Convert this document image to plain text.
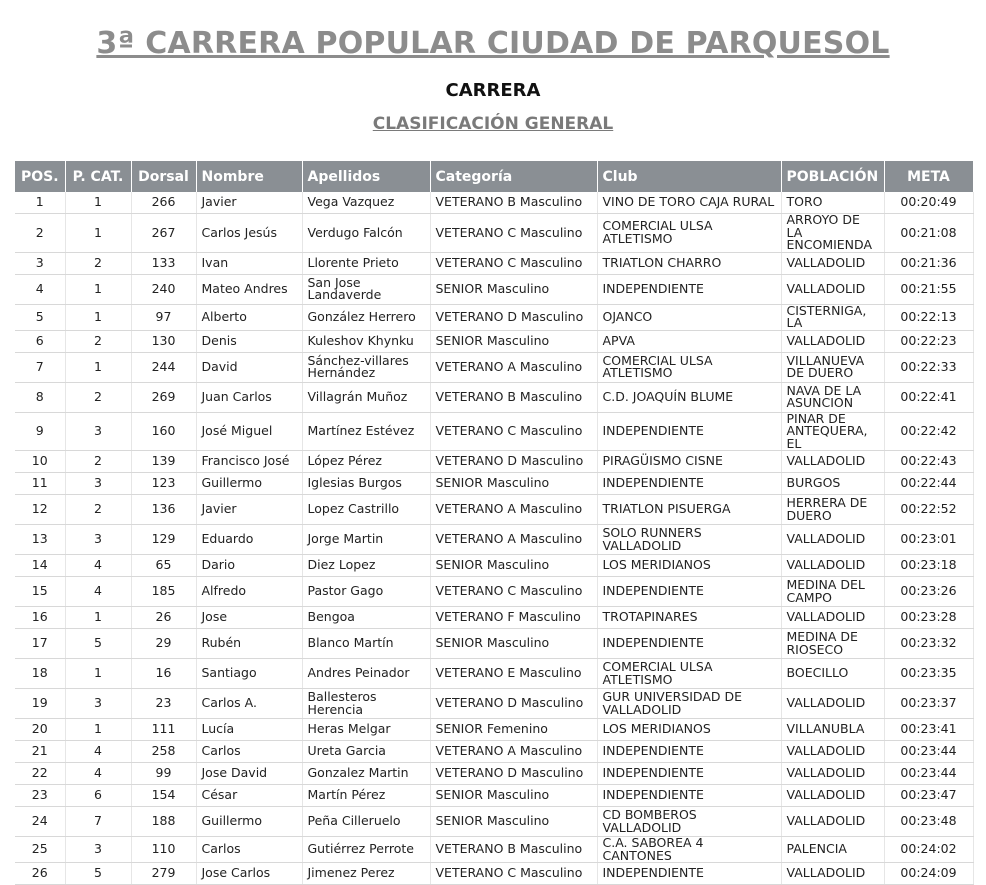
3ª CARRERA POPULAR CIUDAD DE PARQUESOL
CARRERA
CLASIFICACIÓN GENERAL
POS.	P. CAT.	Dorsal	Nombre	Apellidos	Categoría	Club	POBLACIÓN	META
1	1	266	Javier	Vega Vazquez	VETERANO B Masculino	VINO DE TORO CAJA RURAL	TORO	00:20:49
2	1	267	Carlos Jesús	Verdugo Falcón	VETERANO C Masculino	COMERCIAL ULSA ATLETISMO	ARROYO DE LA ENCOMIENDA	00:21:08
3	2	133	Ivan	Llorente Prieto	VETERANO C Masculino	TRIATLON CHARRO	VALLADOLID	00:21:36
4	1	240	Mateo Andres	San Jose Landaverde	SENIOR Masculino	INDEPENDIENTE	VALLADOLID	00:21:55
5	1	97	Alberto	González Herrero	VETERANO D Masculino	OJANCO	CISTERNIGA, LA	00:22:13
6	2	130	Denis	Kuleshov Khynku	SENIOR Masculino	APVA	VALLADOLID	00:22:23
7	1	244	David	Sánchez-villares Hernández	VETERANO A Masculino	COMERCIAL ULSA ATLETISMO	VILLANUEVA DE DUERO	00:22:33
8	2	269	Juan Carlos	Villagrán Muñoz	VETERANO B Masculino	C.D. JOAQUÍN BLUME	NAVA DE LA ASUNCION	00:22:41
9	3	160	José Miguel	Martínez Estévez	VETERANO C Masculino	INDEPENDIENTE	PINAR DE ANTEQUERA, EL	00:22:42
10	2	139	Francisco José	López Pérez	VETERANO D Masculino	PIRAGÜISMO CISNE	VALLADOLID	00:22:43
11	3	123	Guillermo	Iglesias Burgos	SENIOR Masculino	INDEPENDIENTE	BURGOS	00:22:44
12	2	136	Javier	Lopez Castrillo	VETERANO A Masculino	TRIATLON PISUERGA	HERRERA DE DUERO	00:22:52
13	3	129	Eduardo	Jorge Martin	VETERANO A Masculino	SOLO RUNNERS VALLADOLID	VALLADOLID	00:23:01
14	4	65	Dario	Diez Lopez	SENIOR Masculino	LOS MERIDIANOS	VALLADOLID	00:23:18
15	4	185	Alfredo	Pastor Gago	VETERANO C Masculino	INDEPENDIENTE	MEDINA DEL CAMPO	00:23:26
16	1	26	Jose	Bengoa	VETERANO F Masculino	TROTAPINARES	VALLADOLID	00:23:28
17	5	29	Rubén	Blanco Martín	SENIOR Masculino	INDEPENDIENTE	MEDINA DE RIOSECO	00:23:32
18	1	16	Santiago	Andres Peinador	VETERANO E Masculino	COMERCIAL ULSA ATLETISMO	BOECILLO	00:23:35
19	3	23	Carlos A.	Ballesteros Herencia	VETERANO D Masculino	GUR UNIVERSIDAD DE VALLADOLID	VALLADOLID	00:23:37
20	1	111	Lucía	Heras Melgar	SENIOR Femenino	LOS MERIDIANOS	VILLANUBLA	00:23:41
21	4	258	Carlos	Ureta Garcia	VETERANO A Masculino	INDEPENDIENTE	VALLADOLID	00:23:44
22	4	99	Jose David	Gonzalez Martin	VETERANO D Masculino	INDEPENDIENTE	VALLADOLID	00:23:44
23	6	154	César	Martín Pérez	SENIOR Masculino	INDEPENDIENTE	VALLADOLID	00:23:47
24	7	188	Guillermo	Peña Cilleruelo	SENIOR Masculino	CD BOMBEROS VALLADOLID	VALLADOLID	00:23:48
25	3	110	Carlos	Gutiérrez Perrote	VETERANO B Masculino	C.A. SABOREA 4 CANTONES	PALENCIA	00:24:02
26	5	279	Jose Carlos	Jimenez Perez	VETERANO C Masculino	INDEPENDIENTE	VALLADOLID	00:24:09
